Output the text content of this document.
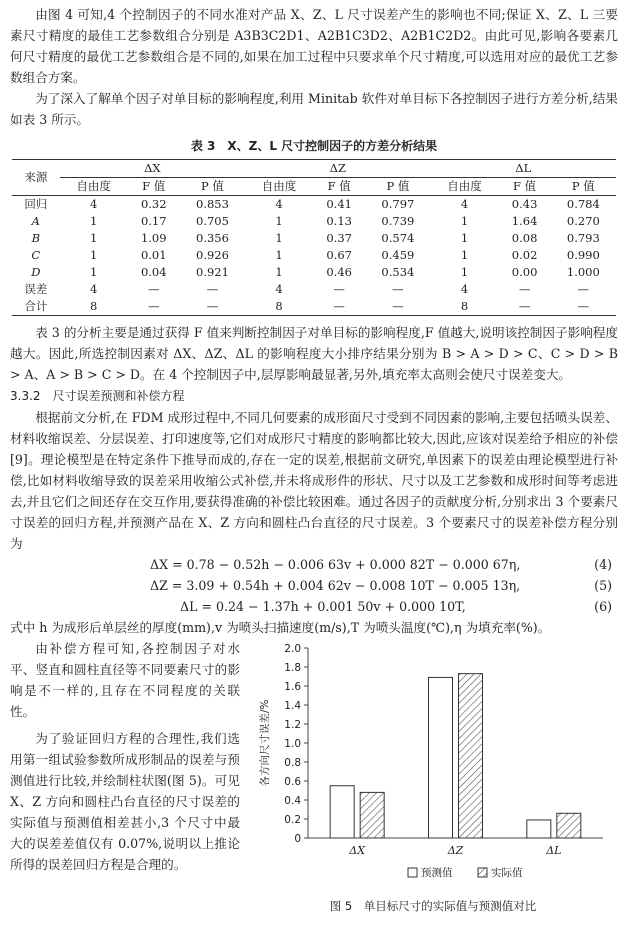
由图 4 可知,4 个控制因子的不同水准对产品 X、Z、L 尺寸误差产生的影响也不同;保证 X、Z、L 三要素尺寸精度的最佳工艺参数组合分别是 A3B3C2D1、A2B1C3D2、A2B1C2D2。由此可见,影响各要素几何尺寸精度的最优工艺参数组合是不同的,如果在加工过程中只要求单个尺寸精度,可以选用对应的最优工艺参数组合方案。

为了深入了解单个因子对单目标的影响程度,利用 Minitab 软件对单目标下各控制因子进行方差分析,结果如表 3 所示。

表 3　X、Z、L 尺寸控制因子的方差分析结果
来源	ΔX			ΔZ			ΔL		
	自由度	F 值	P 值	自由度	F 值	P 值	自由度	F 值	P 值
回归	4	0.32	0.853	4	0.41	0.797	4	0.43	0.784
A	1	0.17	0.705	1	0.13	0.739	1	1.64	0.270
B	1	1.09	0.356	1	0.37	0.574	1	0.08	0.793
C	1	0.01	0.926	1	0.67	0.459	1	0.02	0.990
D	1	0.04	0.921	1	0.46	0.534	1	0.00	1.000
误差	4	—	—	4	—	—	4	—	—
合计	8	—	—	8	—	—	8	—	—

表 3 的分析主要是通过获得 F 值来判断控制因子对单目标的影响程度,F 值越大,说明该控制因子影响程度越大。因此,所选控制因素对 ΔX、ΔZ、ΔL 的影响程度大小排序结果分别为 B > A > D > C、C > D > B > A、A > B > C > D。在 4 个控制因子中,层厚影响最显著,另外,填充率太高则会使尺寸误差变大。

3.3.2　尺寸误差预测和补偿方程

根据前文分析,在 FDM 成形过程中,不同几何要素的成形面尺寸受到不同因素的影响,主要包括喷头误差、材料收缩误差、分层误差、打印速度等,它们对成形尺寸精度的影响都比较大,因此,应该对误差给予相应的补偿[9]。理论模型是在特定条件下推导而成的,存在一定的误差,根据前文研究,单因素下的误差由理论模型进行补偿,比如材料收缩导致的误差采用收缩公式补偿,并未将成形件的形状、尺寸以及工艺参数和成形时间等考虑进去,并且它们之间还存在交互作用,要获得准确的补偿比较困难。通过各因子的贡献度分析,分别求出 3 个要素尺寸误差的回归方程,并预测产品在 X、Z 方向和圆柱凸台直径的尺寸误差。3 个要素尺寸的误差补偿方程分别为

ΔX = 0.78 − 0.52h − 0.006 63v + 0.000 82T − 0.000 67η,	(4)
ΔZ = 3.09 + 0.54h + 0.004 62v − 0.008 10T − 0.005 13η,	(5)
ΔL = 0.24 − 1.37h + 0.001 50v + 0.000 10T,	(6)

式中 h 为成形后单层丝的厚度(mm),v 为喷头扫描速度(m/s),T 为喷头温度(℃),η 为填充率(%)。

由补偿方程可知,各控制因子对水平、竖直和圆柱直径等不同要素尺寸的影响是不一样的,且存在不同程度的关联性。

为了验证回归方程的合理性,我们选用第一组试验参数所成形制品的误差与预测值进行比较,并绘制柱状图(图 5)。可见 X、Z 方向和圆柱凸台直径的尺寸误差的实际值与预测值相差甚小,3 个尺寸中最大的误差差值仅有 0.07%,说明以上推论所得的误差回归方程是合理的。

0
0.2
0.4
0.6
0.8
1.0
1.2
1.4
1.6
1.8
2.0
各方向尺寸误差/%
ΔX	ΔZ	ΔL
预测值	实际值
图 5　单目标尺寸的实际值与预测值对比
